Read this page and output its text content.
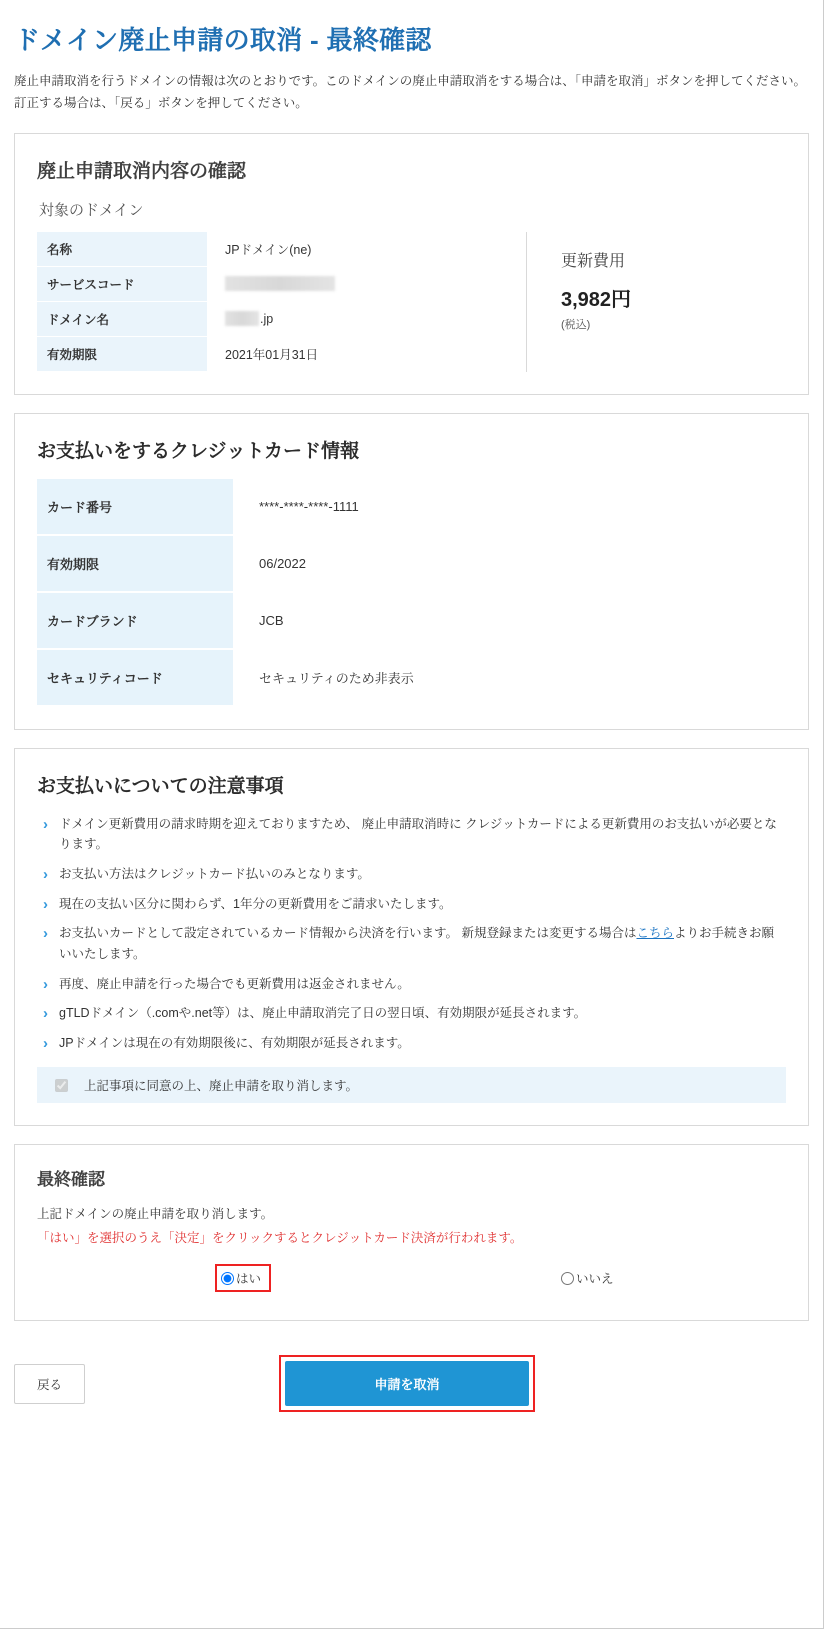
ドメイン廃止申請の取消 - 最終確認

廃止申請取消を行うドメインの情報は次のとおりです。このドメインの廃止申請取消をする場合は、「申請を取消」ボタンを押してください。訂正する場合は、「戻る」ボタンを押してください。

廃止申請取消内容の確認
対象のドメイン
名称	JPドメイン(ne)
サービスコード	
ドメイン名	.jp
有効期限	2021年01月31日
更新費用
3,982円
(税込)
お支払いをするクレジットカード情報
カード番号	****-****-****-1111
有効期限	06/2022
カードブランド	JCB
セキュリティコード	セキュリティのため非表示
お支払いについての注意事項
› ドメイン更新費用の請求時期を迎えておりますため、 廃止申請取消時に クレジットカードによる更新費用のお支払いが必要となります。
› お支払い方法はクレジットカード払いのみとなります。
› 現在の支払い区分に関わらず、1年分の更新費用をご請求いたします。
› お支払いカードとして設定されているカード情報から決済を行います。 新規登録または変更する場合はこちらよりお手続きお願いいたします。
› 再度、廃止申請を行った場合でも更新費用は返金されません。
› gTLDドメイン（.comや.net等）は、廃止申請取消完了日の翌日頃、有効期限が延長されます。
› JPドメインは現在の有効期限後に、有効期限が延長されます。
上記事項に同意の上、廃止申請を取り消します。
最終確認

上記ドメインの廃止申請を取り消します。

「はい」を選択のうえ「決定」をクリックするとクレジットカード決済が行われます。

はい	いいえ
戻る	申請を取消
